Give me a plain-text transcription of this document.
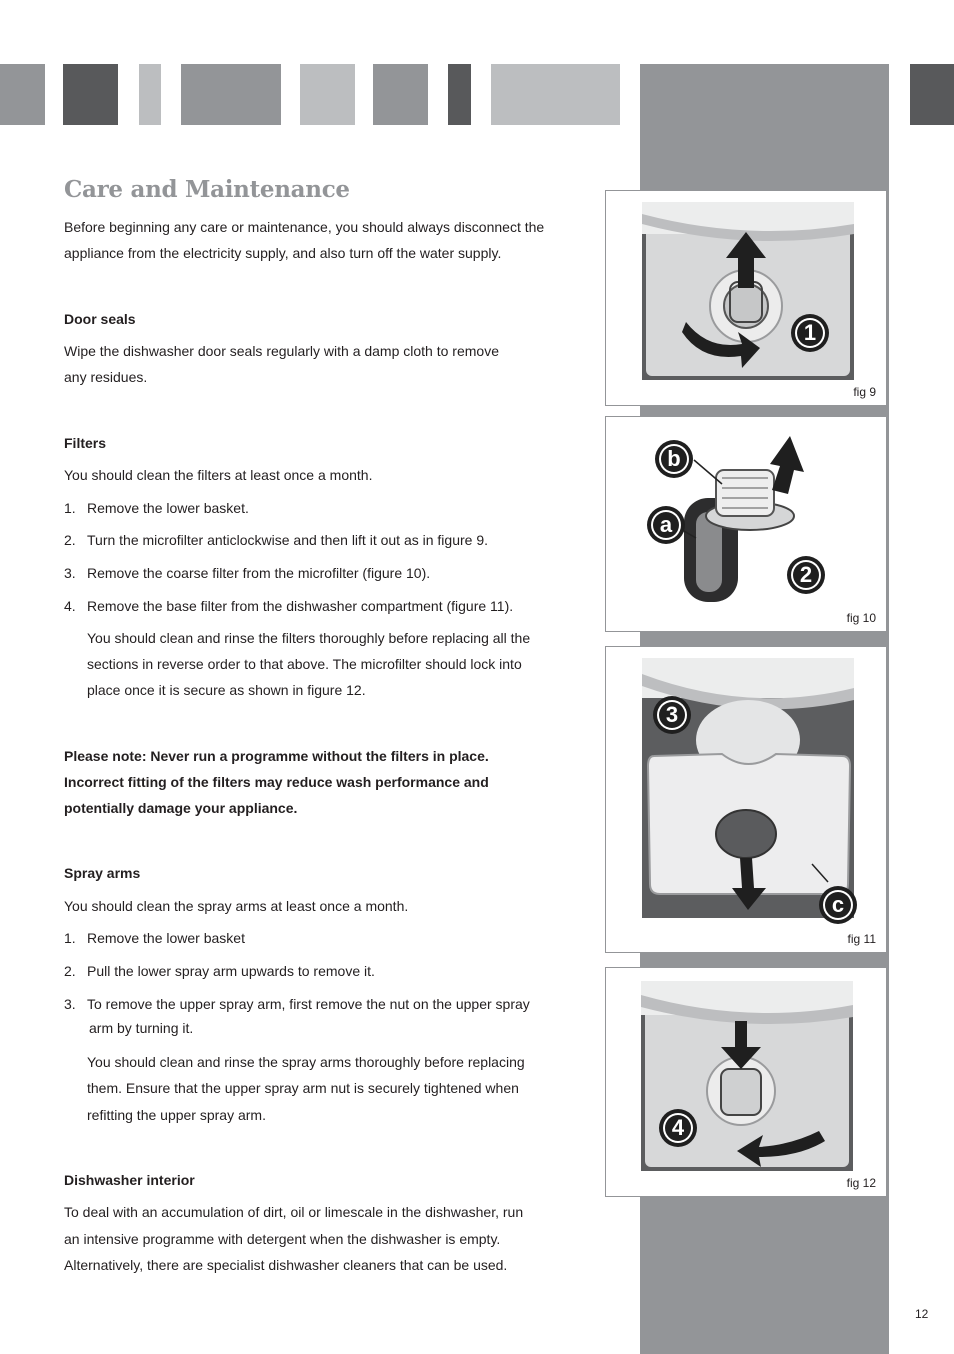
Care and Maintenance

Before beginning any care or maintenance, you should always disconnect the

appliance from the electricity supply, and also turn off the water supply.

Door seals

Wipe the dishwasher door seals regularly with a damp cloth to remove

any residues.

Filters

You should clean the filters at least once a month.

1. Remove the lower basket.
2. Turn the microfilter anticlockwise and then lift it out as in figure 9.
3. Remove the coarse filter from the microfilter (figure 10).
4. Remove the base filter from the dishwasher compartment (figure 11).

You should clean and rinse the filters thoroughly before replacing all the

sections in reverse order to that above. The microfilter should lock into

place once it is secure as shown in figure 12.

Please note: Never run a programme without the filters in place.

Incorrect fitting of the filters may reduce wash performance and

potentially damage your appliance.

Spray arms

You should clean the spray arms at least once a month.

1. Remove the lower basket
2. Pull the lower spray arm upwards to remove it.
3. To remove the upper spray arm, first remove the nut on the upper spray

arm by turning it.

You should clean and rinse the spray arms thoroughly before replacing

them. Ensure that the upper spray arm nut is securely tightened when

refitting the upper spray arm.

Dishwasher interior

To deal with an accumulation of dirt, oil or limescale in the dishwasher, run

an intensive programme with detergent when the dishwasher is empty.

Alternatively, there are specialist dishwasher cleaners that can be used.

1
fig 9
b
a
2
fig 10
3
c
fig 11
4
fig 12
12
